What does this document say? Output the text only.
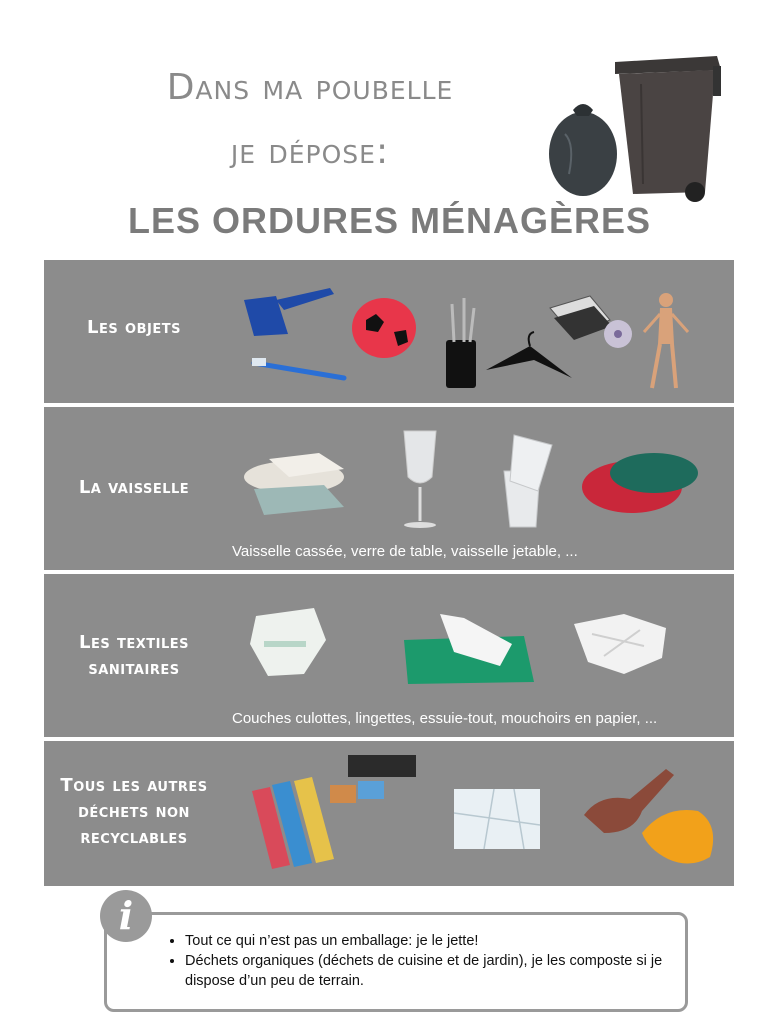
Dans ma poubelle
je dépose:
LES ORDURES MÉNAGÈRES
Les objets
La vaisselle
Vaisselle cassée, verre de table, vaisselle jetable, ...
Les textiles
sanitaires
Couches culottes, lingettes, essuie-tout, mouchoirs en papier, ...
Tous les autres
déchets non
recyclables
• Tout ce qui n’est pas un emballage: je le jette!
• Déchets organiques (déchets de cuisine et de jardin), je les composte si je dispose d’un peu de terrain.
i
